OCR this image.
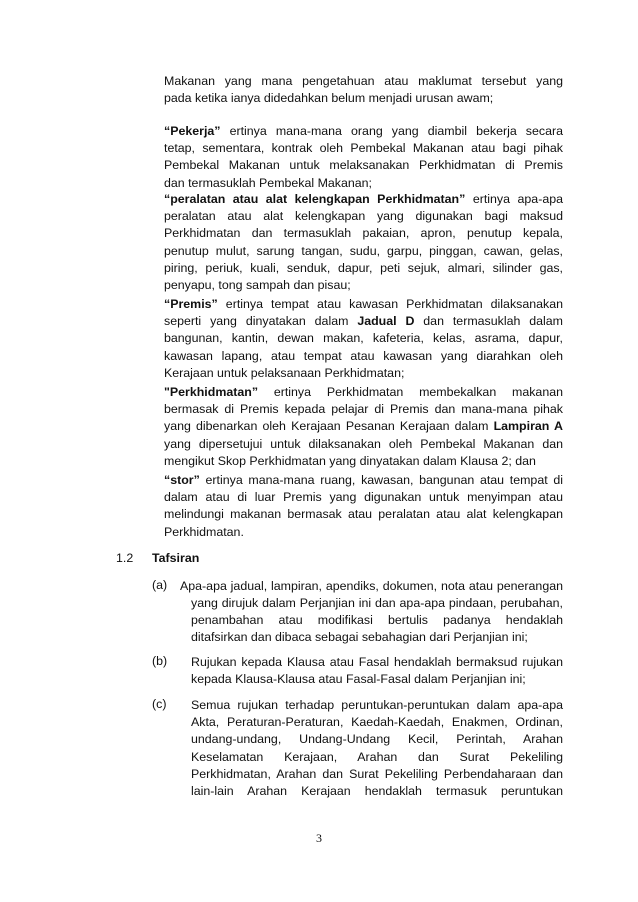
Makanan yang mana pengetahuan atau maklumat tersebut yang
pada ketika ianya didedahkan belum menjadi urusan awam;
“Pekerja” ertinya mana-mana orang yang diambil bekerja secara
tetap, sementara, kontrak oleh Pembekal Makanan atau bagi pihak
Pembekal Makanan untuk melaksanakan Perkhidmatan di Premis
dan termasuklah Pembekal Makanan;
“peralatan atau alat kelengkapan Perkhidmatan” ertinya apa-apa
peralatan atau alat kelengkapan yang digunakan bagi maksud
Perkhidmatan dan termasuklah pakaian, apron, penutup kepala,
penutup mulut, sarung tangan, sudu, garpu, pinggan, cawan, gelas,
piring, periuk, kuali, senduk, dapur, peti sejuk, almari, silinder gas,
penyapu, tong sampah dan pisau;
“Premis” ertinya tempat atau kawasan Perkhidmatan dilaksanakan
seperti yang dinyatakan dalam Jadual D dan termasuklah dalam
bangunan, kantin, dewan makan, kafeteria, kelas, asrama, dapur,
kawasan lapang, atau tempat atau kawasan yang diarahkan oleh
Kerajaan untuk pelaksanaan Perkhidmatan;
"Perkhidmatan” ertinya Perkhidmatan membekalkan makanan
bermasak di Premis kepada pelajar di Premis dan mana-mana pihak
yang dibenarkan oleh Kerajaan Pesanan Kerajaan dalam Lampiran A
yang dipersetujui untuk dilaksanakan oleh Pembekal Makanan dan
mengikut Skop Perkhidmatan yang dinyatakan dalam Klausa 2; dan
“stor” ertinya mana-mana ruang, kawasan, bangunan atau tempat di
dalam atau di luar Premis yang digunakan untuk menyimpan atau
melindungi makanan bermasak atau peralatan atau alat kelengkapan
Perkhidmatan.
1.2 Tafsiran
(a) Apa-apa jadual, lampiran, apendiks, dokumen, nota atau penerangan
yang dirujuk dalam Perjanjian ini dan apa-apa pindaan, perubahan,
penambahan atau modifikasi bertulis padanya hendaklah
ditafsirkan dan dibaca sebagai sebahagian dari Perjanjian ini;
(b) Rujukan kepada Klausa atau Fasal hendaklah bermaksud rujukan
kepada Klausa-Klausa atau Fasal-Fasal dalam Perjanjian ini;
(c) Semua rujukan terhadap peruntukan-peruntukan dalam apa-apa
Akta, Peraturan-Peraturan, Kaedah-Kaedah, Enakmen, Ordinan,
undang-undang, Undang-Undang Kecil, Perintah, Arahan
Keselamatan Kerajaan, Arahan dan Surat Pekeliling
Perkhidmatan, Arahan dan Surat Pekeliling Perbendaharaan dan
lain-lain Arahan Kerajaan hendaklah termasuk peruntukan
3
